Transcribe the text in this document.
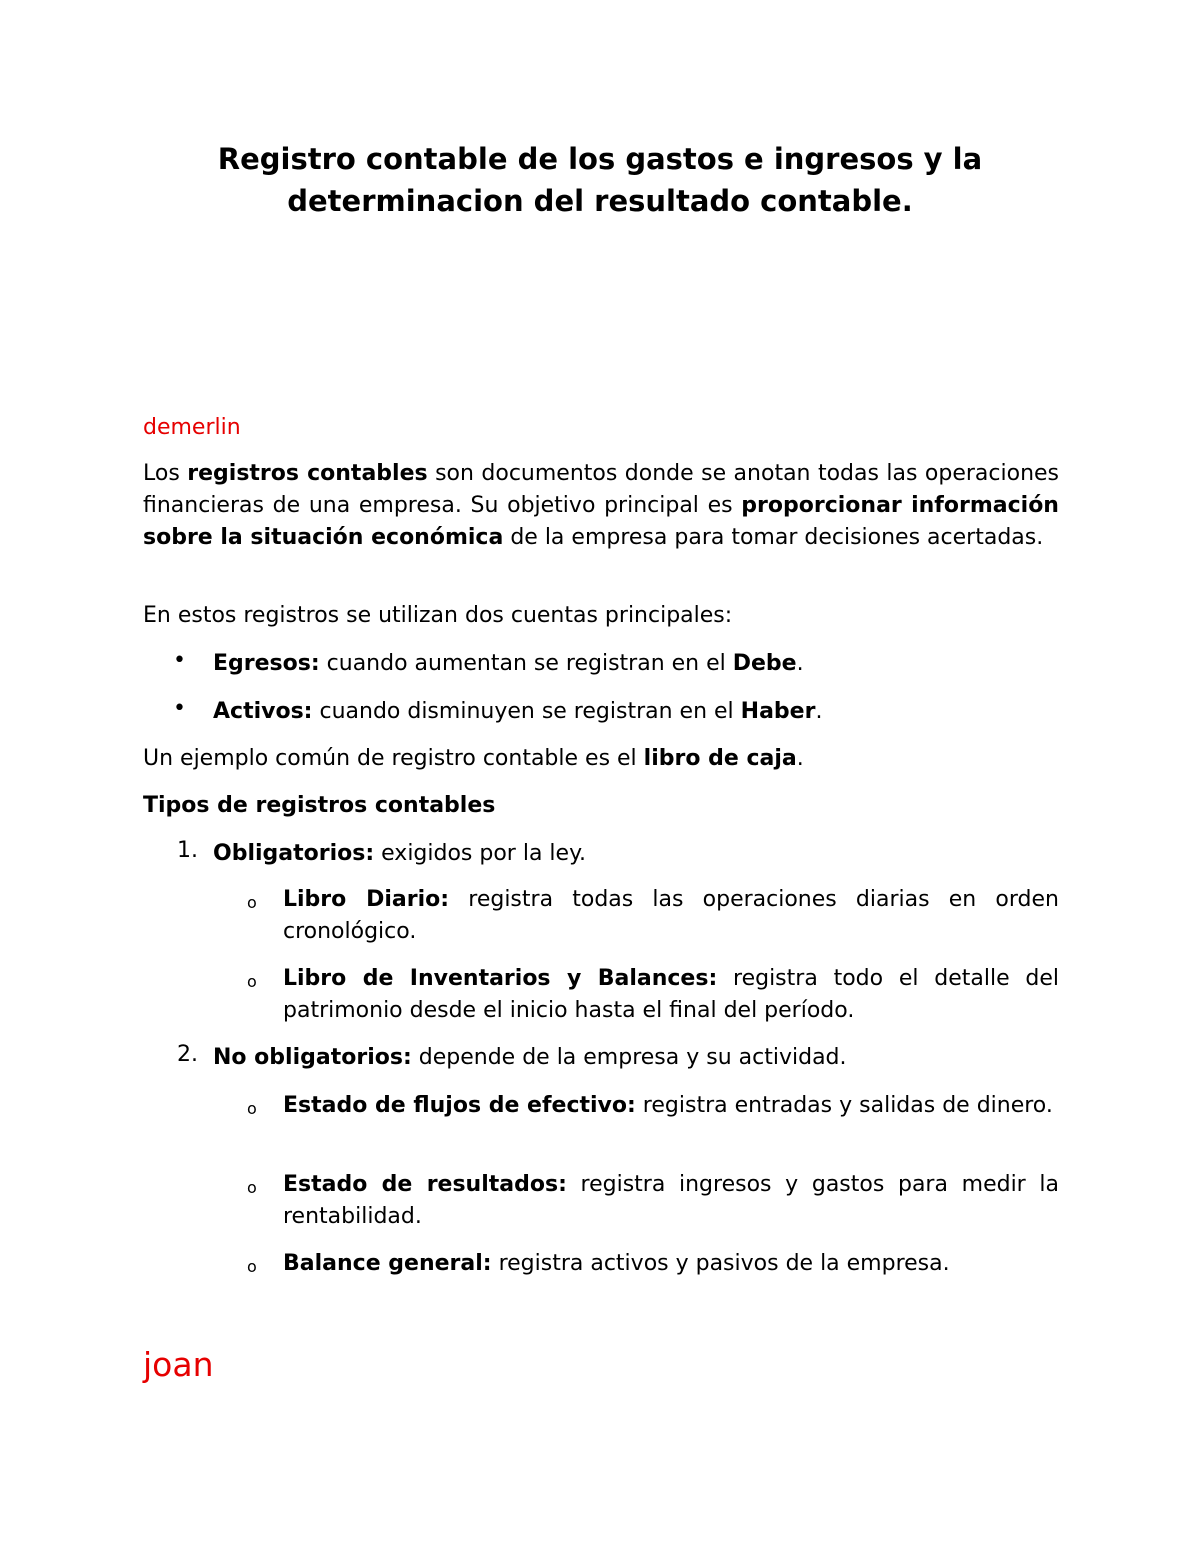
Registro contable de los gastos e ingresos y la
determinacion del resultado contable.
demerlin
Los registros contables son documentos donde se anotan todas las operaciones financieras de una empresa. Su objetivo principal es proporcionar información sobre la situación económica de la empresa para tomar decisiones acertadas.
En estos registros se utilizan dos cuentas principales:
• Egresos: cuando aumentan se registran en el Debe.
• Activos: cuando disminuyen se registran en el Haber.
Un ejemplo común de registro contable es el libro de caja.
Tipos de registros contables
1. Obligatorios: exigidos por la ley.
o Libro Diario: registra todas las operaciones diarias en orden cronológico.
o Libro de Inventarios y Balances: registra todo el detalle del patrimonio desde el inicio hasta el final del período.
2. No obligatorios: depende de la empresa y su actividad.
o Estado de flujos de efectivo: registra entradas y salidas de dinero.
o Estado de resultados: registra ingresos y gastos para medir la rentabilidad.
o Balance general: registra activos y pasivos de la empresa.
joan
